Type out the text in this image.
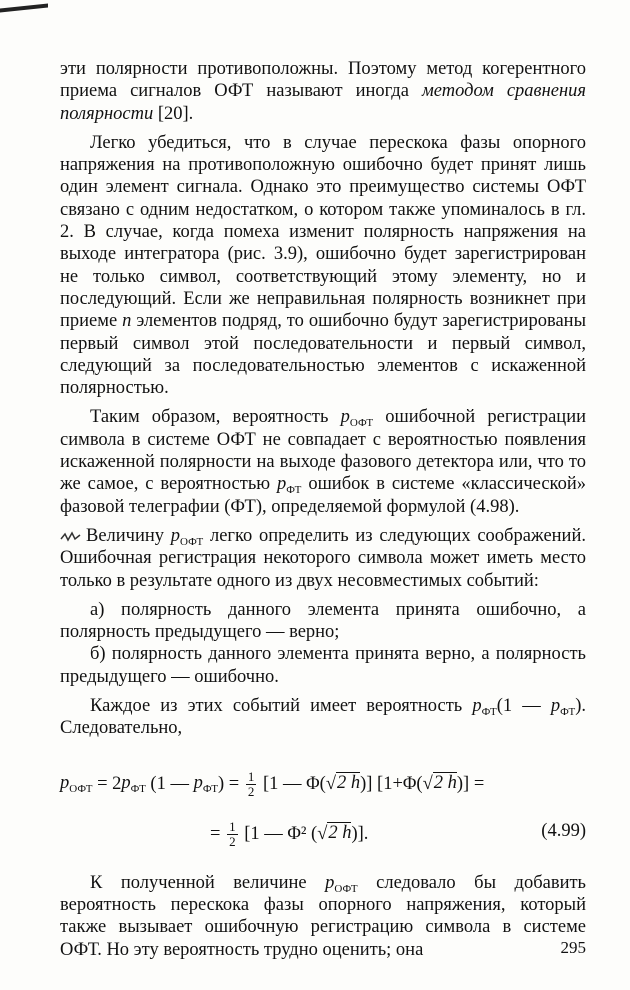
эти полярности противоположны. Поэтому метод когерентного приема сигналов ОФТ называют иногда методом сравнения полярности [20].

Легко убедиться, что в случае перескока фазы опорного напряжения на противоположную ошибочно будет принят лишь один элемент сигнала. Однако это преимущество системы ОФТ связано с одним недостатком, о котором также упоминалось в гл. 2. В случае, когда помеха изменит полярность напряжения на выходе интегратора (рис. 3.9), ошибочно будет зарегистрирован не только символ, соответствующий этому элементу, но и последующий. Если же неправильная полярность возникнет при приеме n элементов подряд, то ошибочно будут зарегистрированы первый символ этой последовательности и первый символ, следующий за последовательностью элементов с искаженной полярностью.

Таким образом, вероятность $p_{ОФТ}$ ошибочной регистрации символа в системе ОФТ не совпадает с вероятностью появления искаженной полярности на выходе фазового детектора или, что то же самое, с вероятностью $p_{ФТ}$ ошибок в системе «классической» фазовой телеграфии (ФТ), определяемой формулой (4.98).

Величину $p_{ОФТ}$ легко определить из следующих соображений. Ошибочная регистрация некоторого символа может иметь место только в результате одного из двух несовместимых событий:

а) полярность данного элемента принята ошибочно, а полярность предыдущего — верно;

б) полярность данного элемента принята верно, а полярность предыдущего — ошибочно.

Каждое из этих событий имеет вероятность $p_{ФТ}(1$ — $p_{ФТ}$). Следовательно,

$p_{ОФТ} = 2p_{ФТ}$ (1 — $p_{ФТ}) = \frac{1}{2} [1$ — Φ(√2 h)] [1+Φ(√2 h)] =
= $\frac{1}{2} [1$ — Φ² (√2 h)].	(4.99)

К полученной величине $p_{ОФТ}$ следовало бы добавить вероятность перескока фазы опорного напряжения, который также вызывает ошибочную регистрацию символа в системе ОФТ. Но эту вероятность трудно оценить; она	295
